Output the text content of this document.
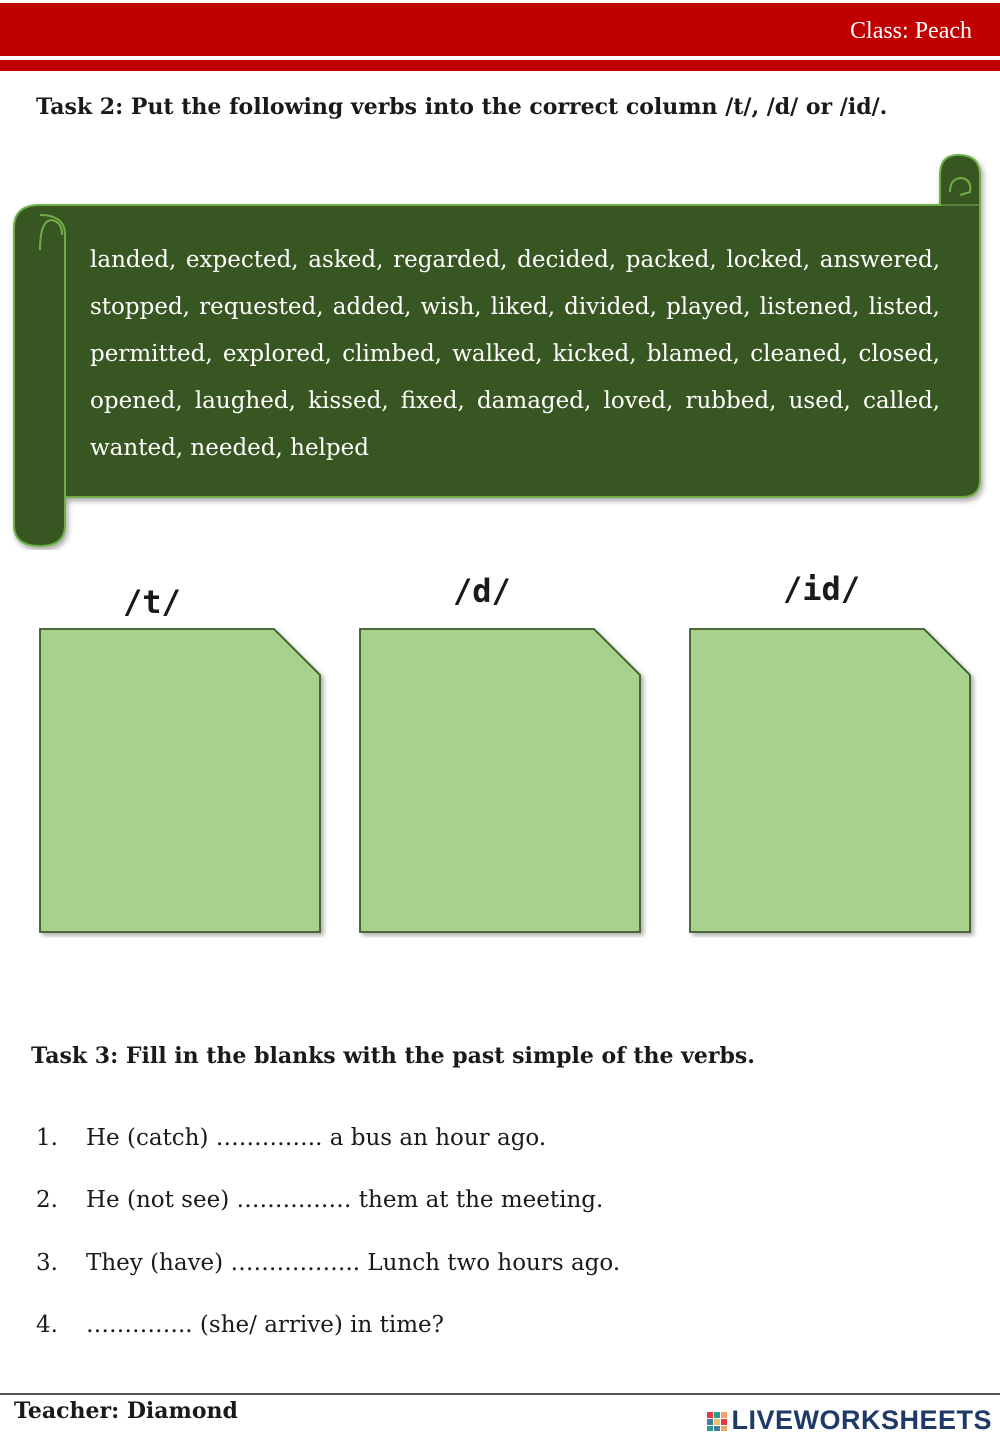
Class: Peach
Task 2: Put the following verbs into the correct column /t/, /d/ or /id/.
landed, expected, asked, regarded, decided, packed, locked, answered, stopped, requested, added, wish, liked, divided, played, listened, listed, permitted, explored, climbed, walked, kicked, blamed, cleaned, closed, opened, laughed, kissed, fixed, damaged, loved, rubbed, used, called, wanted, needed, helped
/t/	/d/	/id/
Task 3: Fill in the blanks with the past simple of the verbs.
1. He (catch) ………….. a bus an hour ago.
2. He (not see) …………… them at the meeting.
3. They (have) …………….. Lunch two hours ago.
4. ………….. (she/ arrive) in time?
Teacher: Diamond	LIVEWORKSHEETS
